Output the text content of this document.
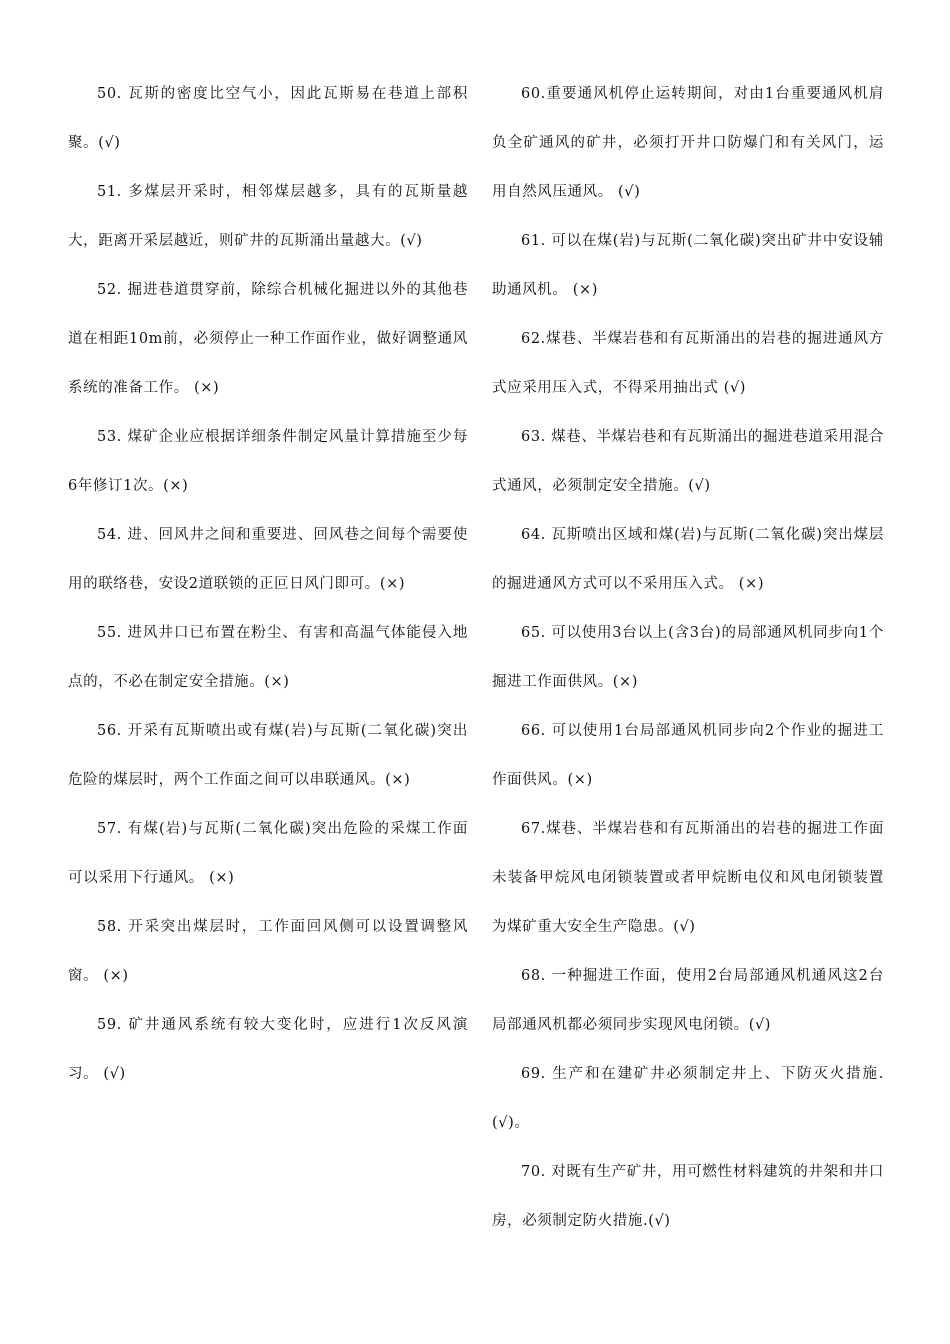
50. 瓦斯的密度比空气小，因此瓦斯易在巷道上部积聚。(√)

51. 多煤层开采时，相邻煤层越多，具有的瓦斯量越大，距离开采层越近，则矿井的瓦斯涌出量越大。(√)

52. 掘进巷道贯穿前，除综合机械化掘进以外的其他巷道在相距10m前，必须停止一种工作面作业，做好调整通风系统的准备工作。 (×)

53. 煤矿企业应根据详细条件制定风量计算措施至少每6年修订1次。(×)

54. 进、回风井之间和重要进、回风巷之间每个需要使用的联络巷，安设2道联锁的正叵日风门即可。(×)

55. 进风井口已布置在粉尘、有害和高温气体能侵入地点的，不必在制定安全措施。(×)

56. 开采有瓦斯喷出或有煤(岩)与瓦斯(二氧化碳)突出危险的煤层时，两个工作面之间可以串联通风。(×)

57. 有煤(岩)与瓦斯(二氧化碳)突出危险的采煤工作面可以采用下行通风。 (×)

58. 开采突出煤层时，工作面回风侧可以设置调整风窗。 (×)

59. 矿井通风系统有较大变化时，应进行1次反风演习。 (√)

60.重要通风机停止运转期间，对由1台重要通风机肩负全矿通风的矿井，必须打开井口防爆门和有关风门，运用自然风压通风。 (√)

61. 可以在煤(岩)与瓦斯(二氧化碳)突出矿井中安设辅助通风机。 (×)

62.煤巷、半煤岩巷和有瓦斯涌出的岩巷的掘进通风方式应采用压入式，不得采用抽出式 (√)

63. 煤巷、半煤岩巷和有瓦斯涌出的掘进巷道采用混合式通风，必须制定安全措施。(√)

64. 瓦斯喷出区域和煤(岩)与瓦斯(二氧化碳)突出煤层的掘进通风方式可以不采用压入式。 (×)

65. 可以使用3台以上(含3台)的局部通风机同步向1个掘进工作面供风。(×)

66. 可以使用1台局部通风机同步向2个作业的掘进工作面供风。(×)

67.煤巷、半煤岩巷和有瓦斯涌出的岩巷的掘进工作面未装备甲烷风电闭锁装置或者甲烷断电仪和风电闭锁装置为煤矿重大安全生产隐患。(√)

68. 一种掘进工作面，使用2台局部通风机通风这2台局部通风机都必须同步实现风电闭锁。(√)

69. 生产和在建矿井必须制定井上、下防灭火措施.(√)。

70. 对既有生产矿井，用可燃性材料建筑的井架和井口房，必须制定防火措施.(√)
